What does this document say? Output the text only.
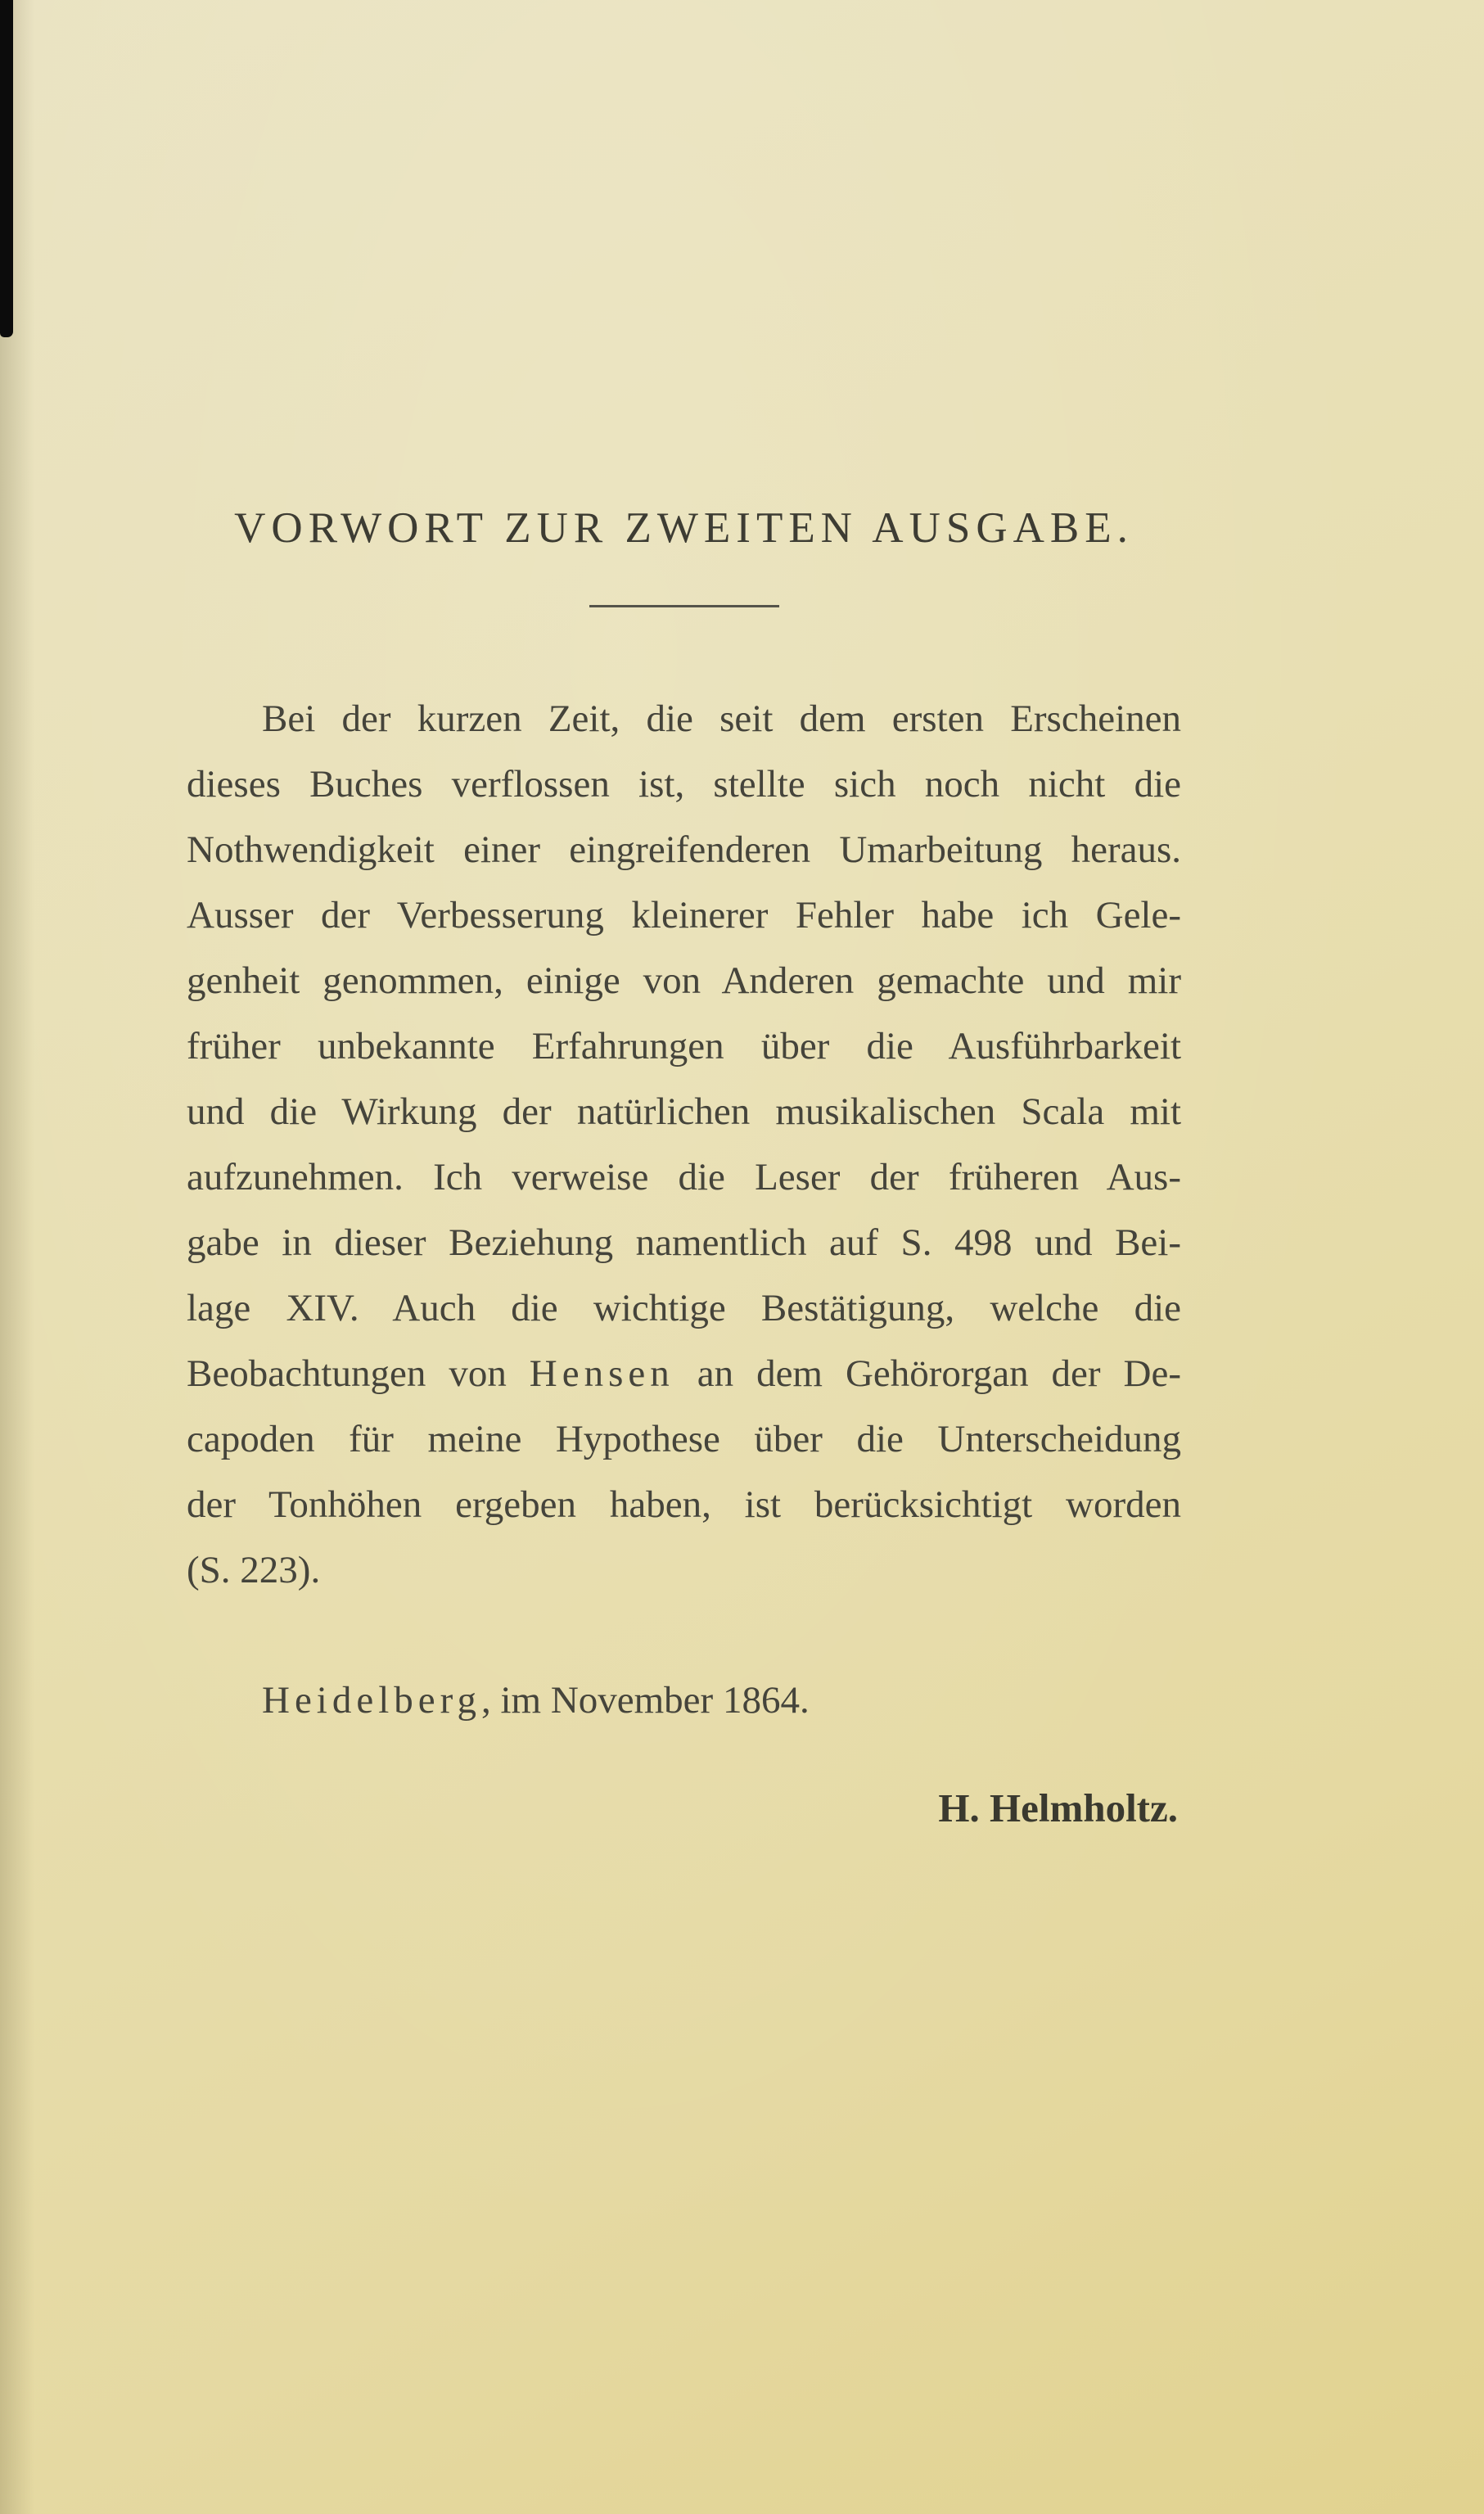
VORWORT ZUR ZWEITEN AUSGABE.
Bei der kurzen Zeit, die seit dem ersten Erscheinen
dieses Buches verflossen ist, stellte sich noch nicht die
Nothwendigkeit einer eingreifenderen Umarbeitung heraus.
Ausser der Verbesserung kleinerer Fehler habe ich Gele-
genheit genommen, einige von Anderen gemachte und mir
früher unbekannte Erfahrungen über die Ausführbarkeit
und die Wirkung der natürlichen musikalischen Scala mit
aufzunehmen. Ich verweise die Leser der früheren Aus-
gabe in dieser Beziehung namentlich auf S. 498 und Bei-
lage XIV. Auch die wichtige Bestätigung, welche die
Beobachtungen von Hensen an dem Gehörorgan der De-
capoden für meine Hypothese über die Unterscheidung
der Tonhöhen ergeben haben, ist berücksichtigt worden
(S. 223).
Heidelberg, im November 1864.
H. Helmholtz.
